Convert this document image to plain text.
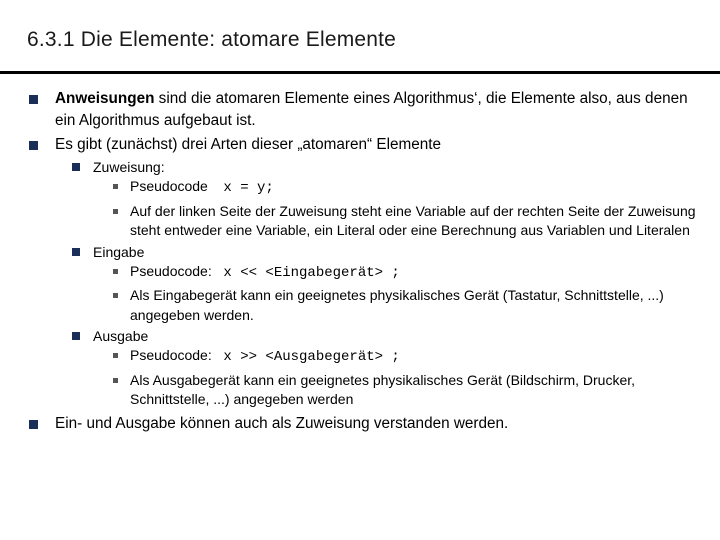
6.3.1 Die Elemente: atomare Elemente
Anweisungen sind die atomaren Elemente eines Algorithmus‘, die Elemente also, aus denen ein Algorithmus aufgebaut ist.
Es gibt (zunächst) drei Arten dieser „atomaren“ Elemente
Zuweisung:
Pseudocode x = y;
Auf der linken Seite der Zuweisung steht eine Variable auf der rechten Seite der Zuweisung steht entweder eine Variable, ein Literal oder eine Berechnung aus Variablen und Literalen
Eingabe
Pseudocode: x << <Eingabegerät> ;
Als Eingabegerät kann ein geeignetes physikalisches Gerät (Tastatur, Schnittstelle, ...) angegeben werden.
Ausgabe
Pseudocode: x >> <Ausgabegerät> ;
Als Ausgabegerät kann ein geeignetes physikalisches Gerät (Bildschirm, Drucker, Schnittstelle, ...) angegeben werden
Ein- und Ausgabe können auch als Zuweisung verstanden werden.
